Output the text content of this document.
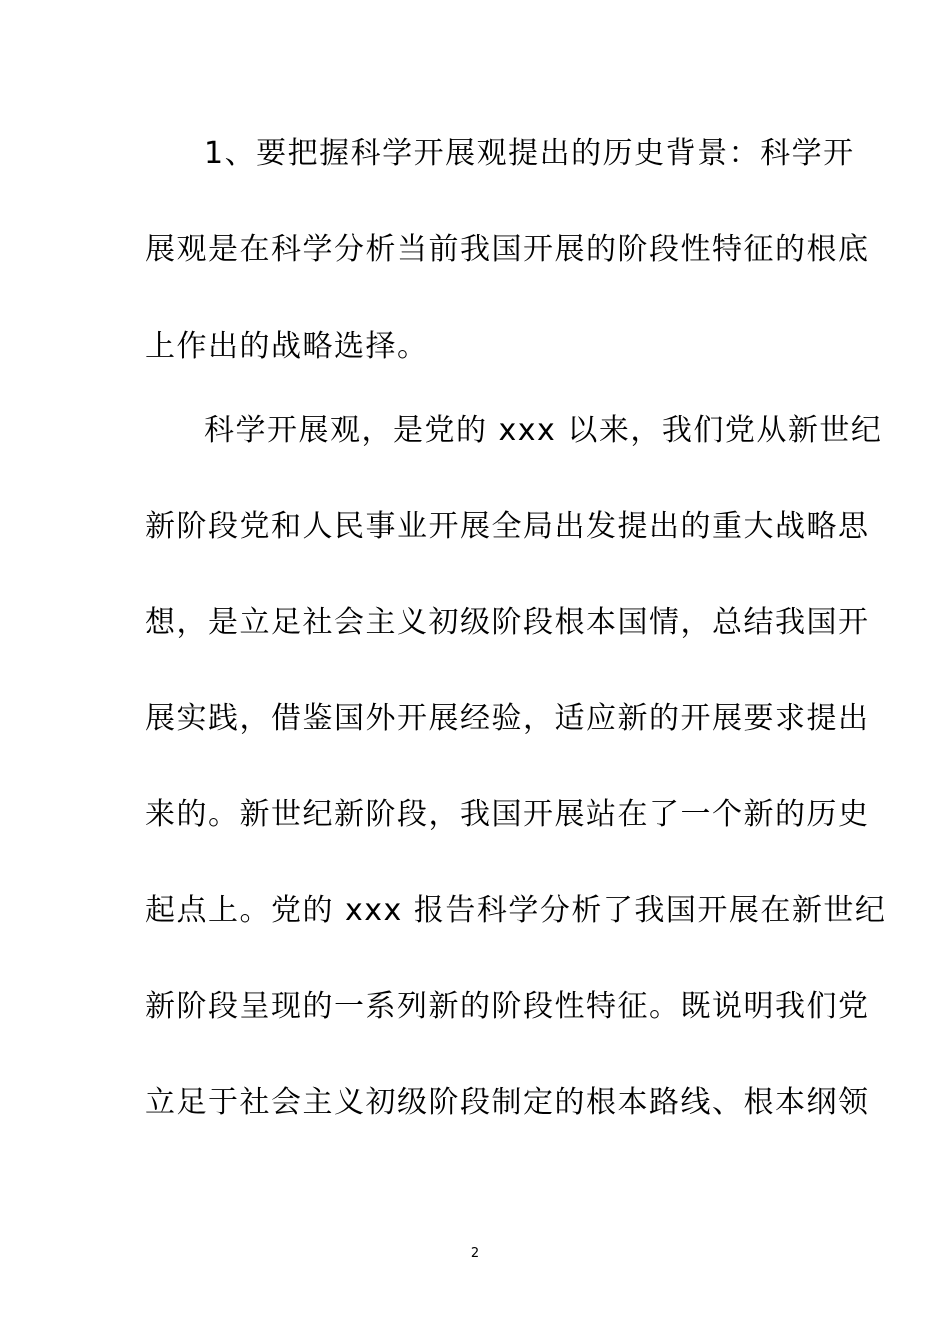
1、要把握科学开展观提出的历史背景：科学开
展观是在科学分析当前我国开展的阶段性特征的根底
上作出的战略选择。
科学开展观，是党的 xxx 以来，我们党从新世纪
新阶段党和人民事业开展全局出发提出的重大战略思
想，是立足社会主义初级阶段根本国情，总结我国开
展实践，借鉴国外开展经验，适应新的开展要求提出
来的。新世纪新阶段，我国开展站在了一个新的历史
起点上。党的 xxx 报告科学分析了我国开展在新世纪
新阶段呈现的一系列新的阶段性特征。既说明我们党
立足于社会主义初级阶段制定的根本路线、根本纲领
2
